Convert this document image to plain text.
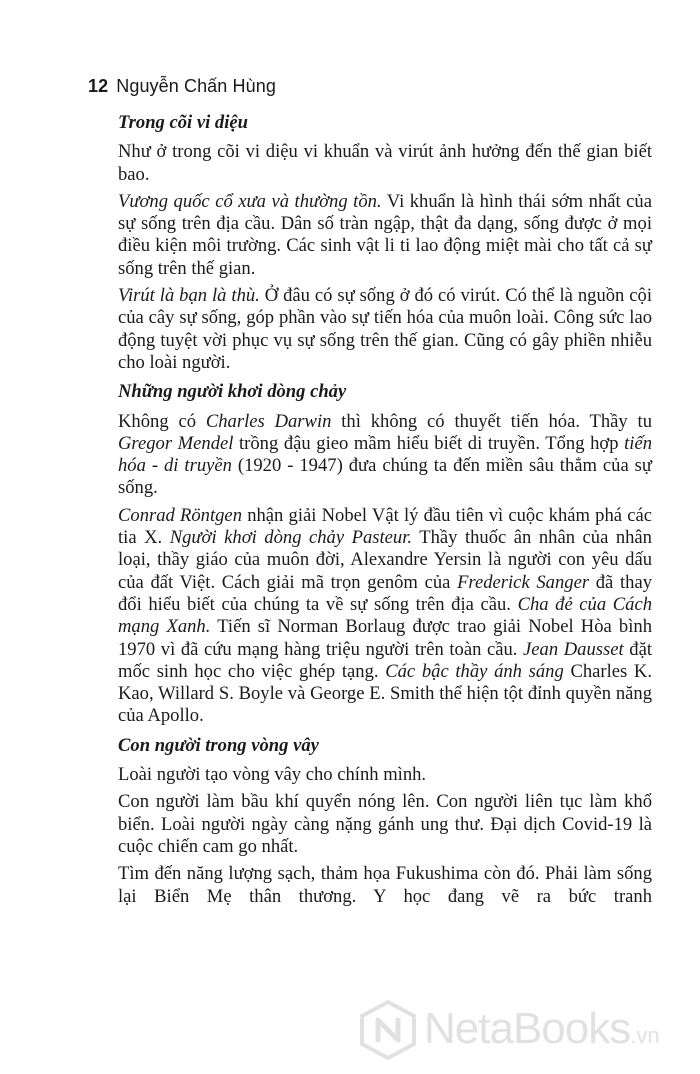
12 Nguyễn Chấn Hùng

Trong cõi vi diệu

Như ở trong cõi vi diệu vi khuẩn và virút ảnh hưởng đến thế gian biết bao.

Vương quốc cổ xưa và thường tồn. Vi khuẩn là hình thái sớm nhất của sự sống trên địa cầu. Dân số tràn ngập, thật đa dạng, sống được ở mọi điều kiện môi trường. Các sinh vật li ti lao động miệt mài cho tất cả sự sống trên thế gian.

Virút là bạn là thù. Ở đâu có sự sống ở đó có virút. Có thể là nguồn cội của cây sự sống, góp phần vào sự tiến hóa của muôn loài. Công sức lao động tuyệt vời phục vụ sự sống trên thế gian. Cũng có gây phiền nhiễu cho loài người.

Những người khơi dòng chảy

Không có Charles Darwin thì không có thuyết tiến hóa. Thầy tu Gregor Mendel trồng đậu gieo mầm hiểu biết di truyền. Tổng hợp tiến hóa - di truyền (1920 - 1947) đưa chúng ta đến miền sâu thẳm của sự sống.

Conrad Röntgen nhận giải Nobel Vật lý đầu tiên vì cuộc khám phá các tia X. Người khơi dòng chảy Pasteur. Thầy thuốc ân nhân của nhân loại, thầy giáo của muôn đời, Alexandre Yersin là người con yêu dấu của đất Việt. Cách giải mã trọn genôm của Frederick Sanger đã thay đổi hiểu biết của chúng ta về sự sống trên địa cầu. Cha đẻ của Cách mạng Xanh. Tiến sĩ Norman Borlaug được trao giải Nobel Hòa bình 1970 vì đã cứu mạng hàng triệu người trên toàn cầu. Jean Dausset đặt mốc sinh học cho việc ghép tạng. Các bậc thầy ánh sáng Charles K. Kao, Willard S. Boyle và George E. Smith thể hiện tột đỉnh quyền năng của Apollo.

Con người trong vòng vây

Loài người tạo vòng vây cho chính mình.

Con người làm bầu khí quyển nóng lên. Con người liên tục làm khổ biển. Loài người ngày càng nặng gánh ung thư. Đại dịch Covid-19 là cuộc chiến cam go nhất.

Tìm đến năng lượng sạch, thảm họa Fukushima còn đó. Phải làm sống lại Biển Mẹ thân thương. Y học đang vẽ ra bức tranh

NetaBooks.vn
